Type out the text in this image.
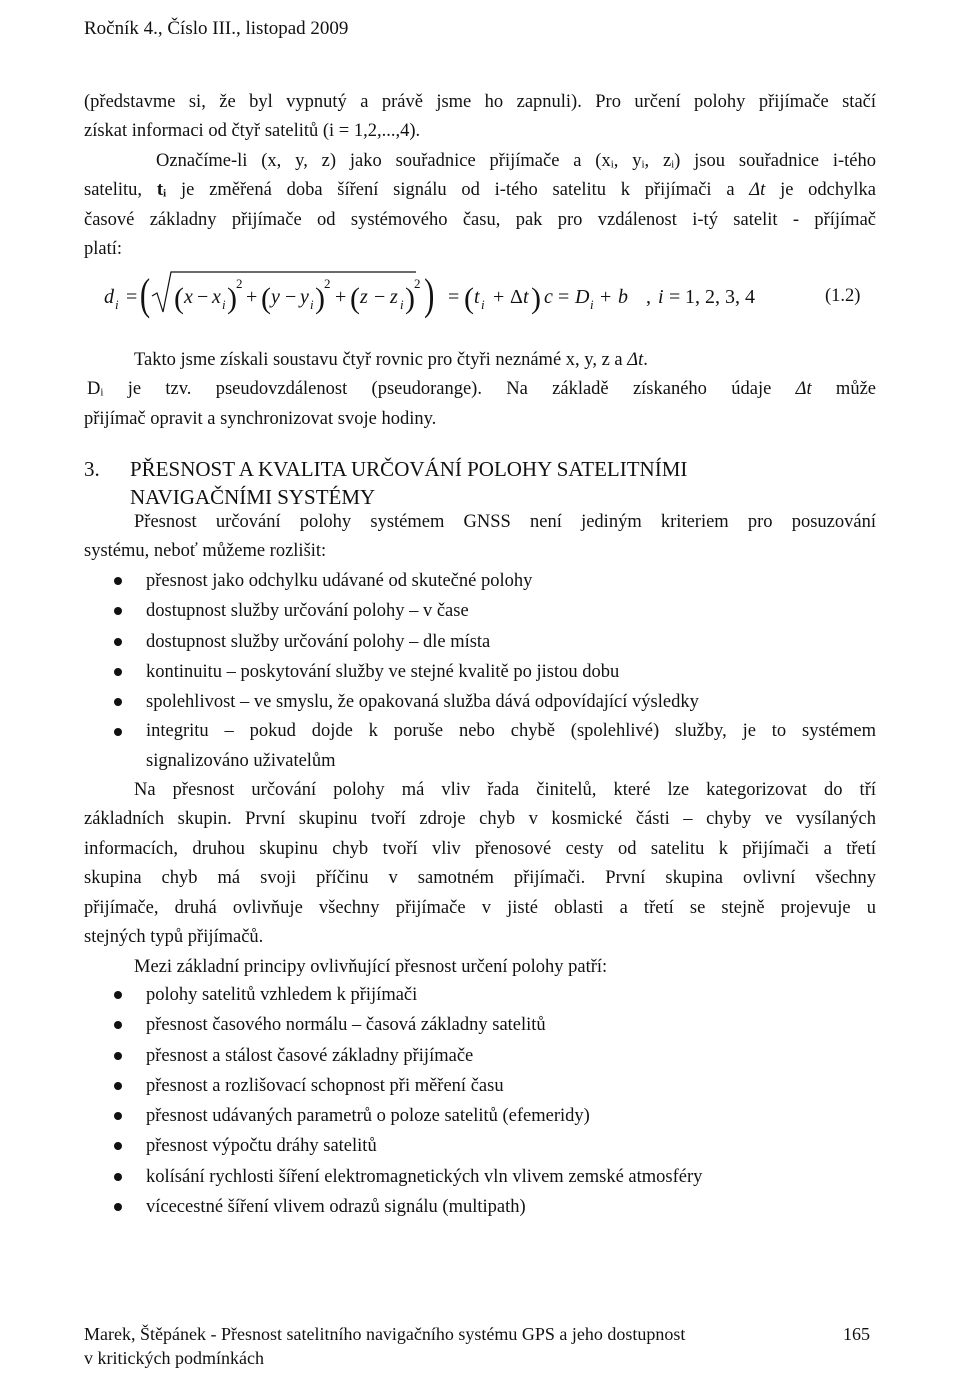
Ročník 4., Číslo III., listopad 2009
(představme si, že byl vypnutý a právě jsme ho zapnuli). Pro určení polohy přijímače stačí
získat informaci od čtyř satelitů (i = 1,2,...,4).
Označíme-li (x, y, z) jako souřadnice přijímače a (xᵢ, yᵢ, zᵢ) jsou souřadnice i-tého
satelitu, tᵢ je změřená doba šíření signálu od i-tého satelitu k přijímači a Δt je odchylka
časové základny přijímače od systémového času, pak pro vzdálenost i-tý satelit - příjímač
platí:
d i = ( ( x − x i ) 2
+ ( y − y i ) 2
+ ( z − z i ) 2 ) = ( t i + Δ t ) c = D i + b , i = 1, 2, 3, 4	(1.2)
Takto jsme získali soustavu čtyř rovnic pro čtyři neznámé x, y, z a Δt.
Dᵢ je tzv. pseudovzdálenost (pseudorange). Na základě získaného údaje Δt může
přijímač opravit a synchronizovat svoje hodiny.
3. PŘESNOST A KVALITA URČOVÁNÍ POLOHY SATELITNÍMI
NAVIGAČNÍMI SYSTÉMY
Přesnost určování polohy systémem GNSS není jediným kriteriem pro posuzování
systému, neboť můžeme rozlišit:
přesnost jako odchylku udávané od skutečné polohy
dostupnost služby určování polohy – v čase
dostupnost služby určování polohy – dle místa
kontinuitu – poskytování služby ve stejné kvalitě po jistou dobu
spolehlivost – ve smyslu, že opakovaná služba dává odpovídající výsledky
integritu – pokud dojde k poruše nebo chybě (spolehlivé) služby, je to systémem
signalizováno uživatelům
Na přesnost určování polohy má vliv řada činitelů, které lze kategorizovat do tří
základních skupin. První skupinu tvoří zdroje chyb v kosmické části – chyby ve vysílaných
informacích, druhou skupinu chyb tvoří vliv přenosové cesty od satelitu k přijímači a třetí
skupina chyb má svoji příčinu v samotném přijímači. První skupina ovlivní všechny
přijímače, druhá ovlivňuje všechny přijímače v jisté oblasti a třetí se stejně projevuje u
stejných typů přijímačů.
Mezi základní principy ovlivňující přesnost určení polohy patří:
polohy satelitů vzhledem k přijímači
přesnost časového normálu – časová základny satelitů
přesnost a stálost časové základny přijímače
přesnost a rozlišovací schopnost při měření času
přesnost udávaných parametrů o poloze satelitů (efemeridy)
přesnost výpočtu dráhy satelitů
kolísání rychlosti šíření elektromagnetických vln vlivem zemské atmosféry
vícecestné šíření vlivem odrazů signálu (multipath)
Marek, Štěpánek - Přesnost satelitního navigačního systému GPS a jeho dostupnost
v kritických podmínkách
165
